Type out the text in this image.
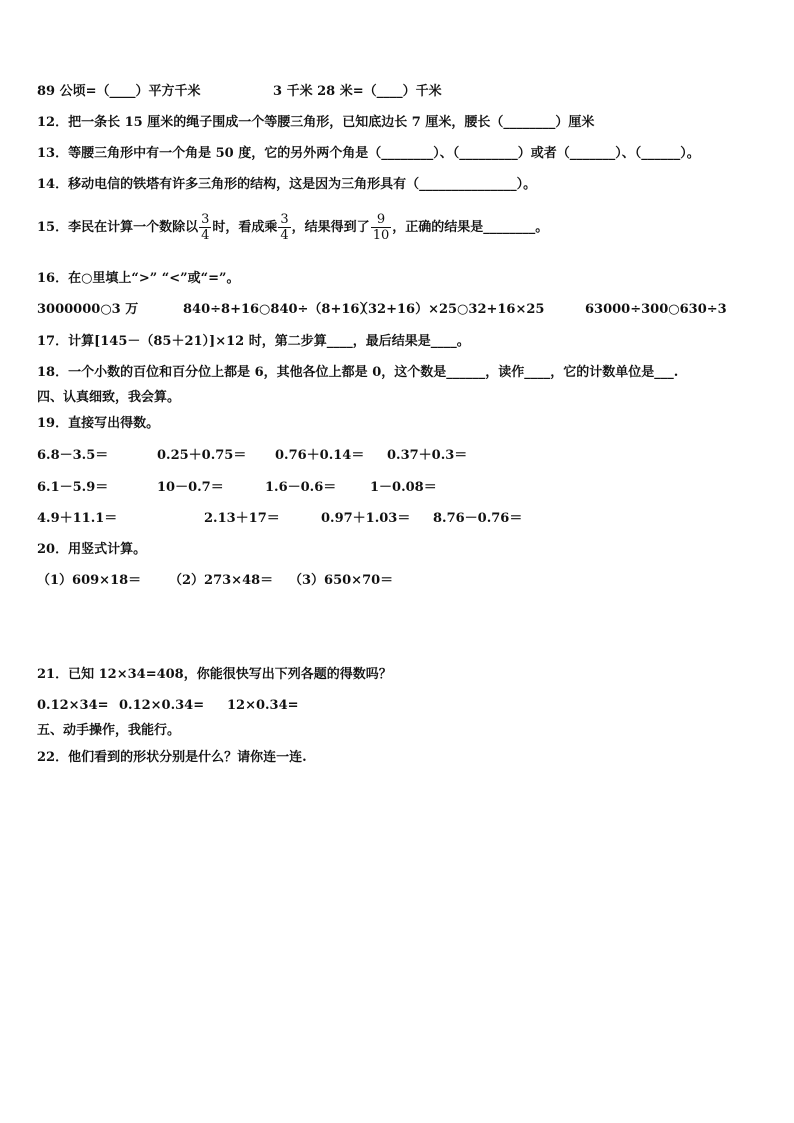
89 公顷=（____）平方千米	3 千米 28 米=（____）千米
12．把一条长 15 厘米的绳子围成一个等腰三角形，已知底边长 7 厘米，腰长（________）厘米
13．等腰三角形中有一个角是 50 度，它的另外两个角是（________）、（_________）或者（_______）、（______）。
14．移动电信的铁塔有许多三角形的结构，这是因为三角形具有（_______________）。
15．李民在计算一个数除以 $\frac{3}{4}$ 时，看成乘 $\frac{3}{4}$ ，结果得到了 $\frac{9}{10}$ ，正确的结果是________。
16．在○里填上“>” “<”或“=”。
3000000○3 万	840÷8+16○840÷（8+16）
（32+16）×25○32+16×25	63000÷300○630÷3
17．计算[145－（85＋21）]×12 时，第二步算____，最后结果是____。
18．一个小数的百位和百分位上都是 6，其他各位上都是 0，这个数是______，读作____，它的计数单位是___.
四、认真细致，我会算。
19．直接写出得数。
6.8－3.5＝	0.25＋0.75＝ 0.76＋0.14＝ 0.37＋0.3＝
6.1－5.9＝	10－0.7＝	1.6－0.6＝	1－0.08＝
4.9＋11.1＝	2.13＋17＝	0.97＋1.03＝ 8.76－0.76＝
20．用竖式计算。
（1）609×18＝ （2）273×48＝ （3）650×70＝
21．已知 12×34=408，你能很快写出下列各题的得数吗？
0.12×34= 0.12×0.34= 12×0.34=
五、动手操作，我能行。
22．他们看到的形状分别是什么？请你连一连.
